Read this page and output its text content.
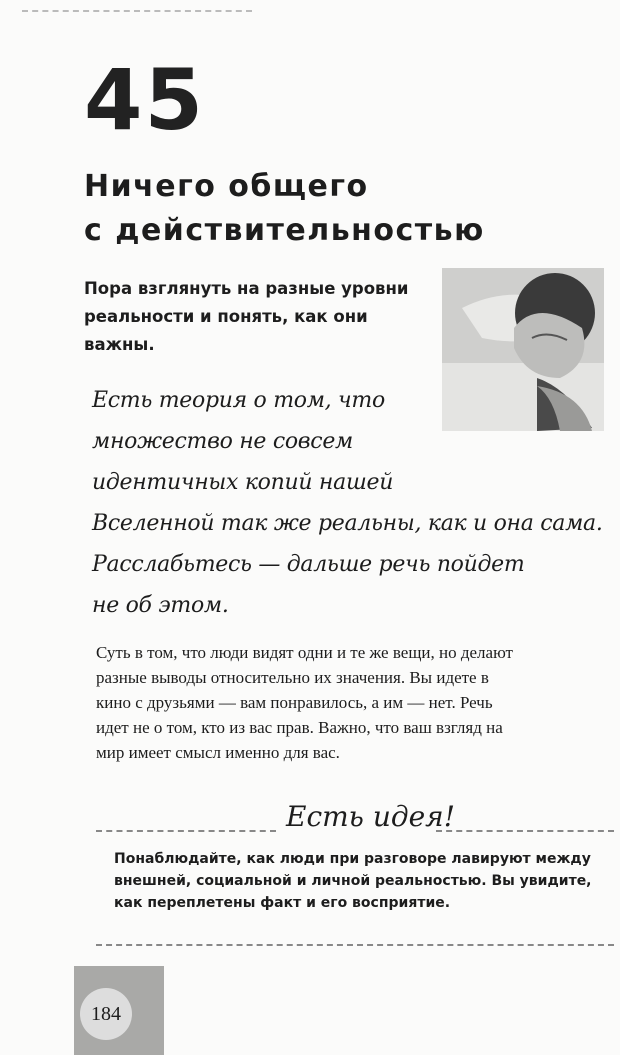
45
Ничего общего
с действительностью
Пора взглянуть на разные уровни
реальности и понять, как они
важны.
Есть теория о том, что
множество не совсем
идентичных копий нашей
Вселенной так же реальны, как и она сама.
Расслабьтесь — дальше речь пойдет
не об этом.
Суть в том, что люди видят одни и те же вещи, но делают
разные выводы относительно их значения. Вы идете в
кино с друзьями — вам понравилось, а им — нет. Речь
идет не о том, кто из вас прав. Важно, что ваш взгляд на
мир имеет смысл именно для вас.
Есть идея!
Понаблюдайте, как люди при разговоре лавируют между
внешней, социальной и личной реальностью. Вы увидите,
как переплетены факт и его восприятие.
184
